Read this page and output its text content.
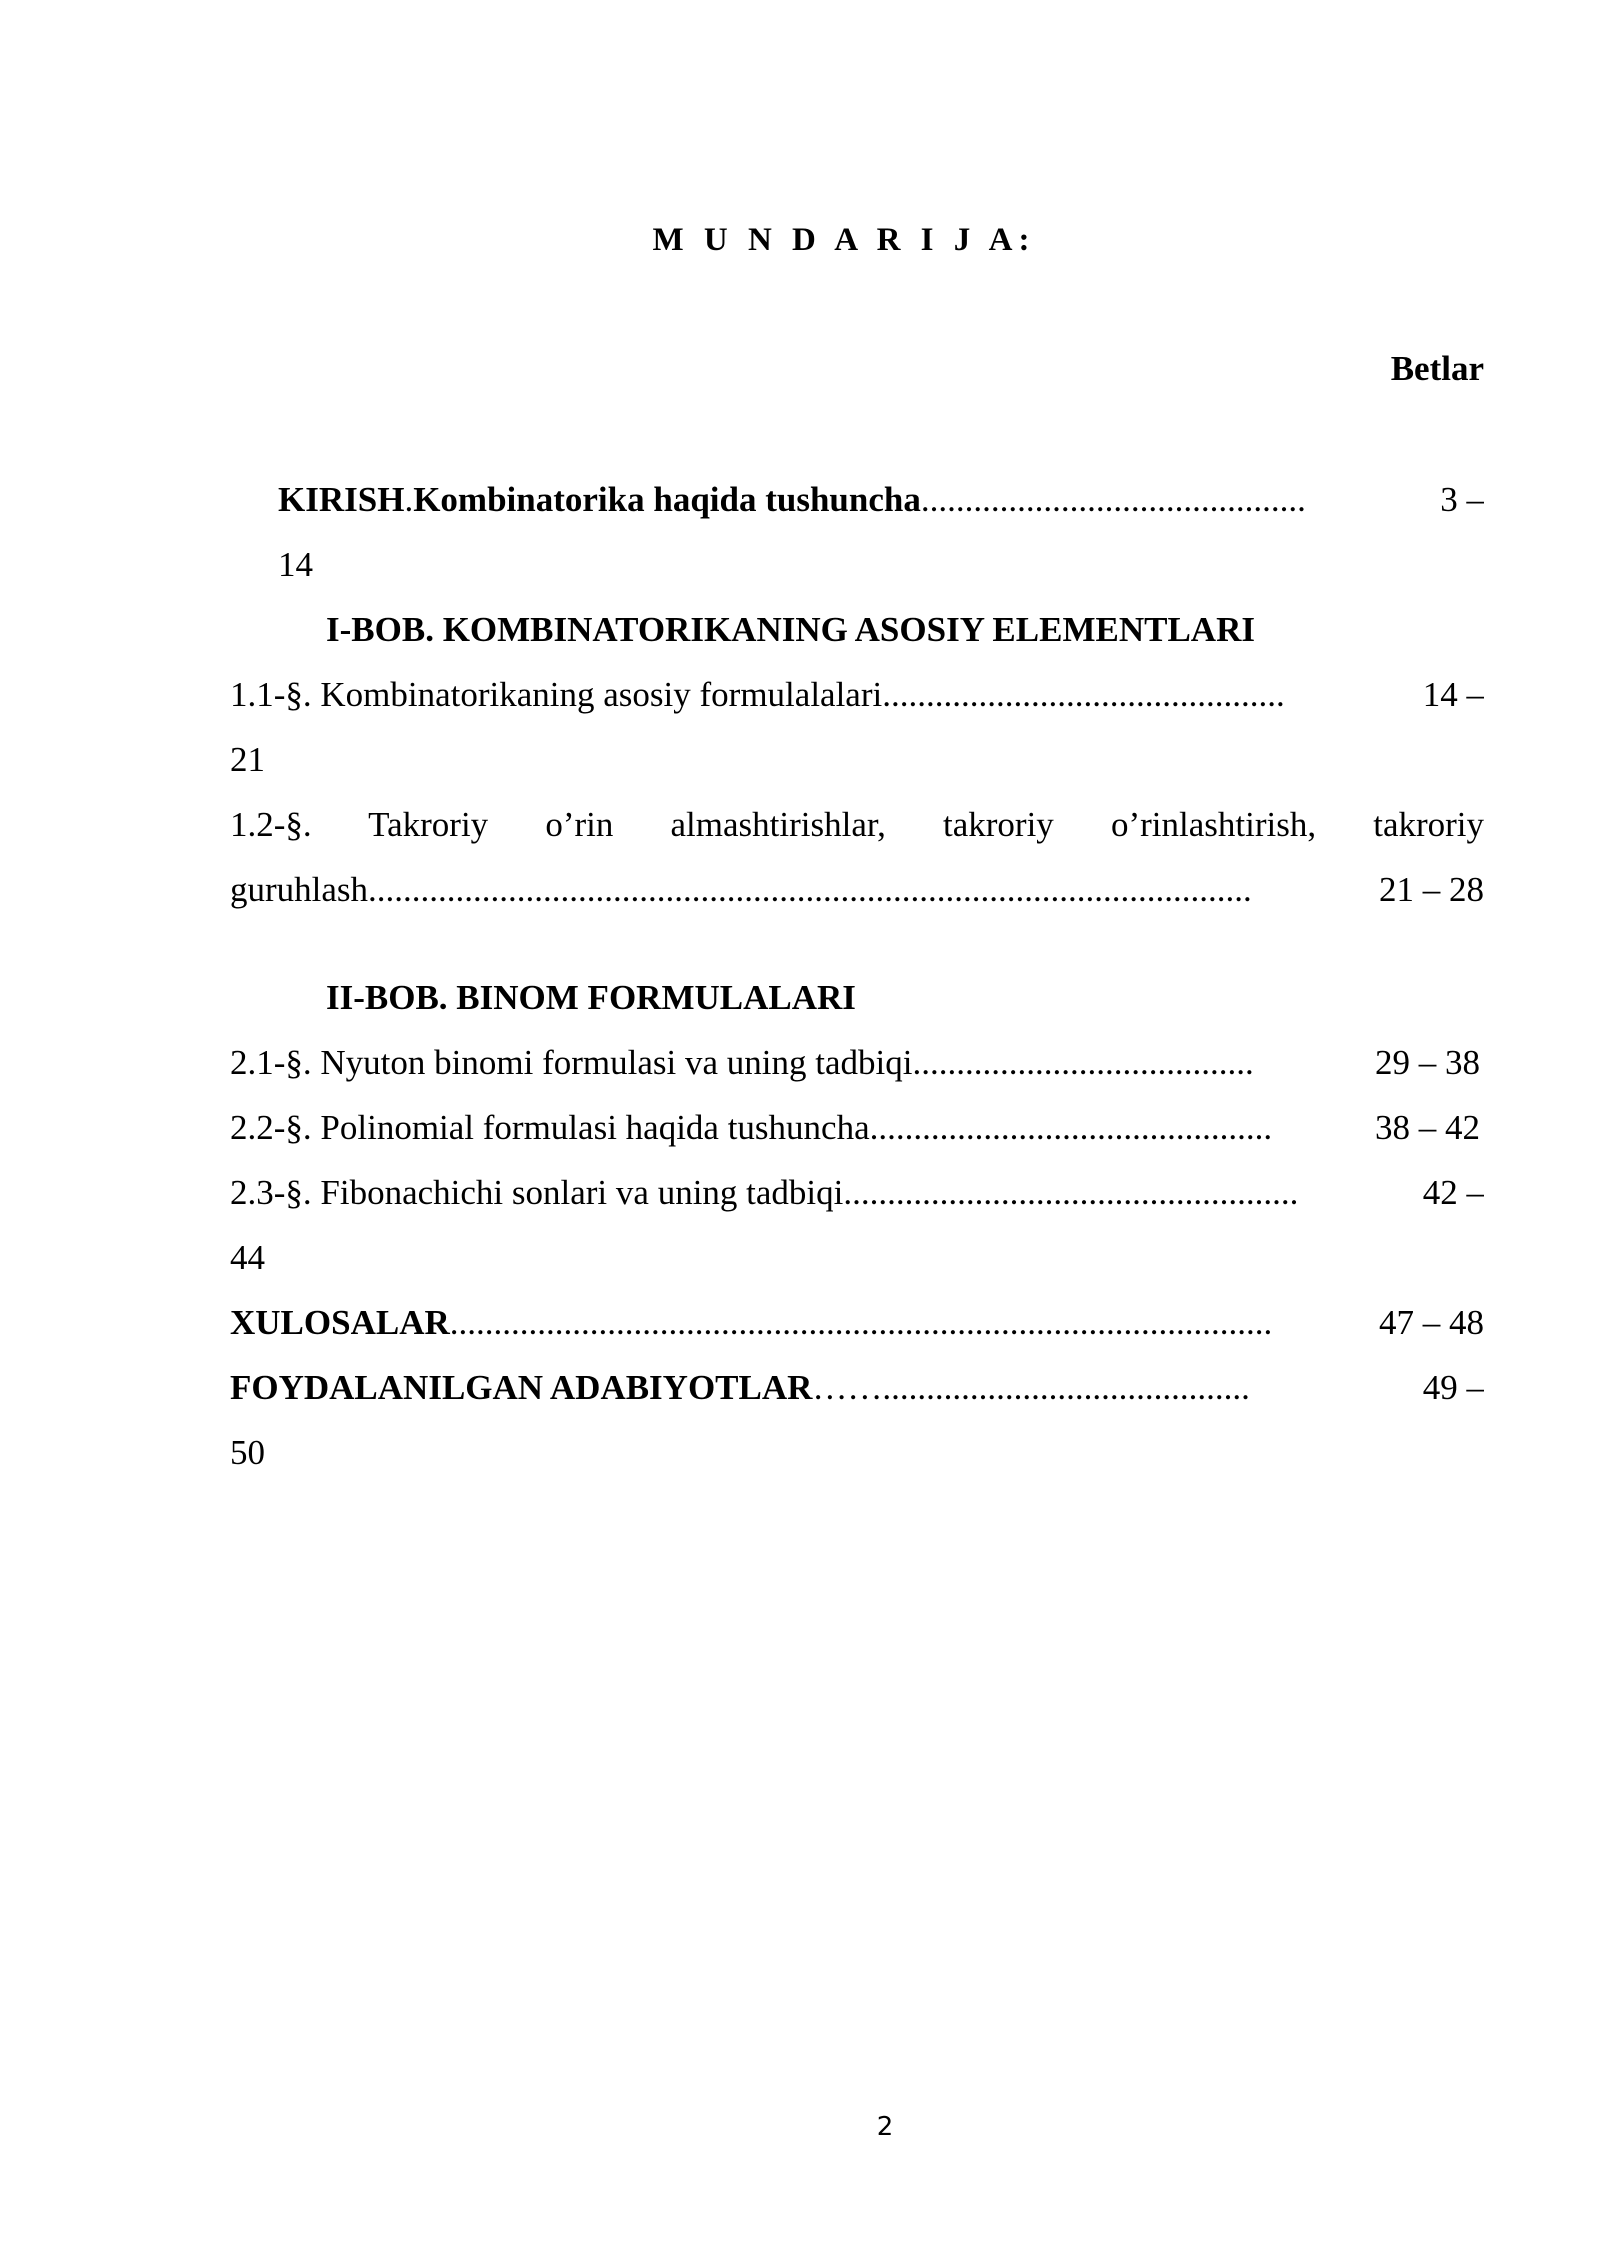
M U N D A R I J A:
Betlar
KIRISH.Kombinatorika haqida tushuncha ............................................	3 –
14
I-BOB. KOMBINATORIKANING ASOSIY ELEMENTLARI
1.1-§. Kombinatorikaning asosiy formulalalari ..............................................	14 –
21
1.2-§. Takroriy o’rin almashtirishlar, takroriy o’rinlashtirish, takroriy
guruhlash .....................................................................................................	21 – 28
II-BOB. BINOM FORMULALARI
2.1-§. Nyuton binomi formulasi va uning tadbiqi .......................................	29 – 38
2.2-§. Polinomial formulasi haqida tushuncha ..............................................	38 – 42
2.3-§. Fibonachichi sonlari va uning tadbiqi ....................................................	42 –
44
XULOSALAR ..............................................................................................	47 – 48
FOYDALANILGAN ADABIYOTLAR ……..........................................	49 –
50
2
